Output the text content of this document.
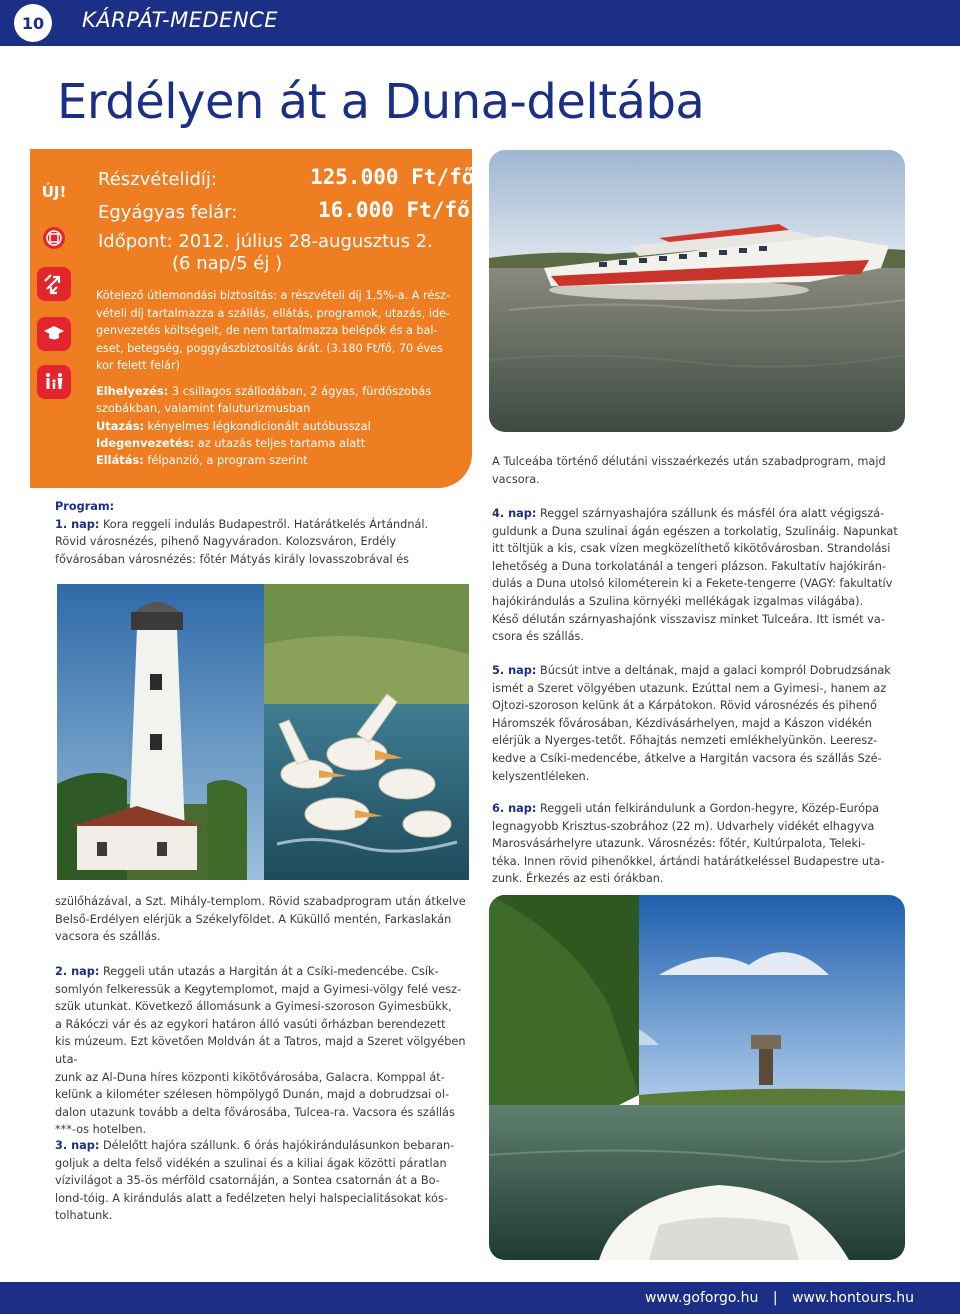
10	KÁRPÁT-MEDENCE
Erdélyen át a Duna-deltába
ÚJ!
Részvételidíj:	125.000 Ft/fő
Egyágyas felár:	16.000 Ft/fő
Időpont: 2012. július 28-augusztus 2.
(6 nap/5 éj )
Kötelező útlemondási biztosítás: a részvételi díj 1,5%-a. A rész-
vételi díj tartalmazza a szállás, ellátás, programok, utazás, ide-
genvezetés költségeit, de nem tartalmazza belépők és a bal-
eset, betegség, poggyászbiztosítás árát. (3.180 Ft/fő, 70 éves
kor felett felár)
Elhelyezés: 3 csillagos szállodában, 2 ágyas, fürdőszobás
szobákban, valamint faluturizmusban
Utazás: kényelmes légkondicionált autóbusszal
Idegenvezetés: az utazás teljes tartama alatt
Ellátás: félpanzió, a program szerint	A Tulceába történő délutáni visszaérkezés után szabadprogram, majd
vacsora.
Program:
1. nap: Kora reggeli indulás Budapestről. Határátkelés Ártándnál.
Rövid városnézés, pihenő Nagyváradon. Kolozsváron, Erdély
fővárosában városnézés: főtér Mátyás király lovasszobrával és
szülőházával, a Szt. Mihály-templom. Rövid szabadprogram után átkelve
Belső-Erdélyen elérjük a Székelyföldet. A Küküllő mentén, Farkaslakán
vacsora és szállás.
2. nap: Reggeli után utazás a Hargitán át a Csíki-medencébe. Csík-
somlyón felkeressük a Kegytemplomot, majd a Gyimesi-völgy felé vesz-
szük utunkat. Következő állomásunk a Gyimesi-szoroson Gyimesbükk,
a Rákóczi vár és az egykori határon álló vasúti őrházban berendezett
kis múzeum. Ezt követően Moldván át a Tatros, majd a Szeret völgyében uta-
zunk az Al-Duna híres központi kikötővárosába, Galacra. Komppal át-
kelünk a kilométer szélesen hömpölygő Dunán, majd a dobrudzsai ol-
dalon utazunk tovább a delta fővárosába, Tulcea-ra. Vacsora és szállás
***-os hotelben.
3. nap: Délelőtt hajóra szállunk. 6 órás hajókirándulásunkon bebaran-
goljuk a delta felső vidékén a szulinai és a kiliai ágak közötti páratlan
vízivilágot a 35-ös mérföld csatornáján, a Sontea csatornán át a Bo-
lond-tóig. A kirándulás alatt a fedélzeten helyi halspecialitásokat kós-
tolhatunk.
4. nap: Reggel szárnyashajóra szállunk és másfél óra alatt végigszá-
guldunk a Duna szulinai ágán egészen a torkolatig, Szulináig. Napunkat
itt töltjük a kis, csak vízen megközelíthető kikötővárosban. Strandolási
lehetőség a Duna torkolatánál a tengeri plázson. Fakultatív hajókirán-
dulás a Duna utolsó kilométerein ki a Fekete-tengerre (VAGY: fakultatív
hajókirándulás a Szulina környéki mellékágak izgalmas világába).
Késő délután szárnyashajónk visszavisz minket Tulceára. Itt ismét va-
csora és szállás.
5. nap: Búcsút intve a deltának, majd a galaci kompról Dobrudzsának
ismét a Szeret völgyében utazunk. Ezúttal nem a Gyimesi-, hanem az
Ojtozi-szoroson kelünk át a Kárpátokon. Rövid városnézés és pihenő
Háromszék fővárosában, Kézdivásárhelyen, majd a Kászon vidékén
elérjük a Nyerges-tetőt. Főhajtás nemzeti emlékhelyünkön. Leeresz-
kedve a Csíki-medencébe, átkelve a Hargitán vacsora és szállás Szé-
kelyszentléleken.
6. nap: Reggeli után felkirándulunk a Gordon-hegyre, Közép-Európa
legnagyobb Krisztus-szobrához (22 m). Udvarhely vidékét elhagyva
Marosvásárhelyre utazunk. Városnézés: főtér, Kultúrpalota, Teleki-
téka. Innen rövid pihenőkkel, ártándi határátkeléssel Budapestre uta-
zunk. Érkezés az esti órákban.
www.goforgo.hu | www.hontours.hu
